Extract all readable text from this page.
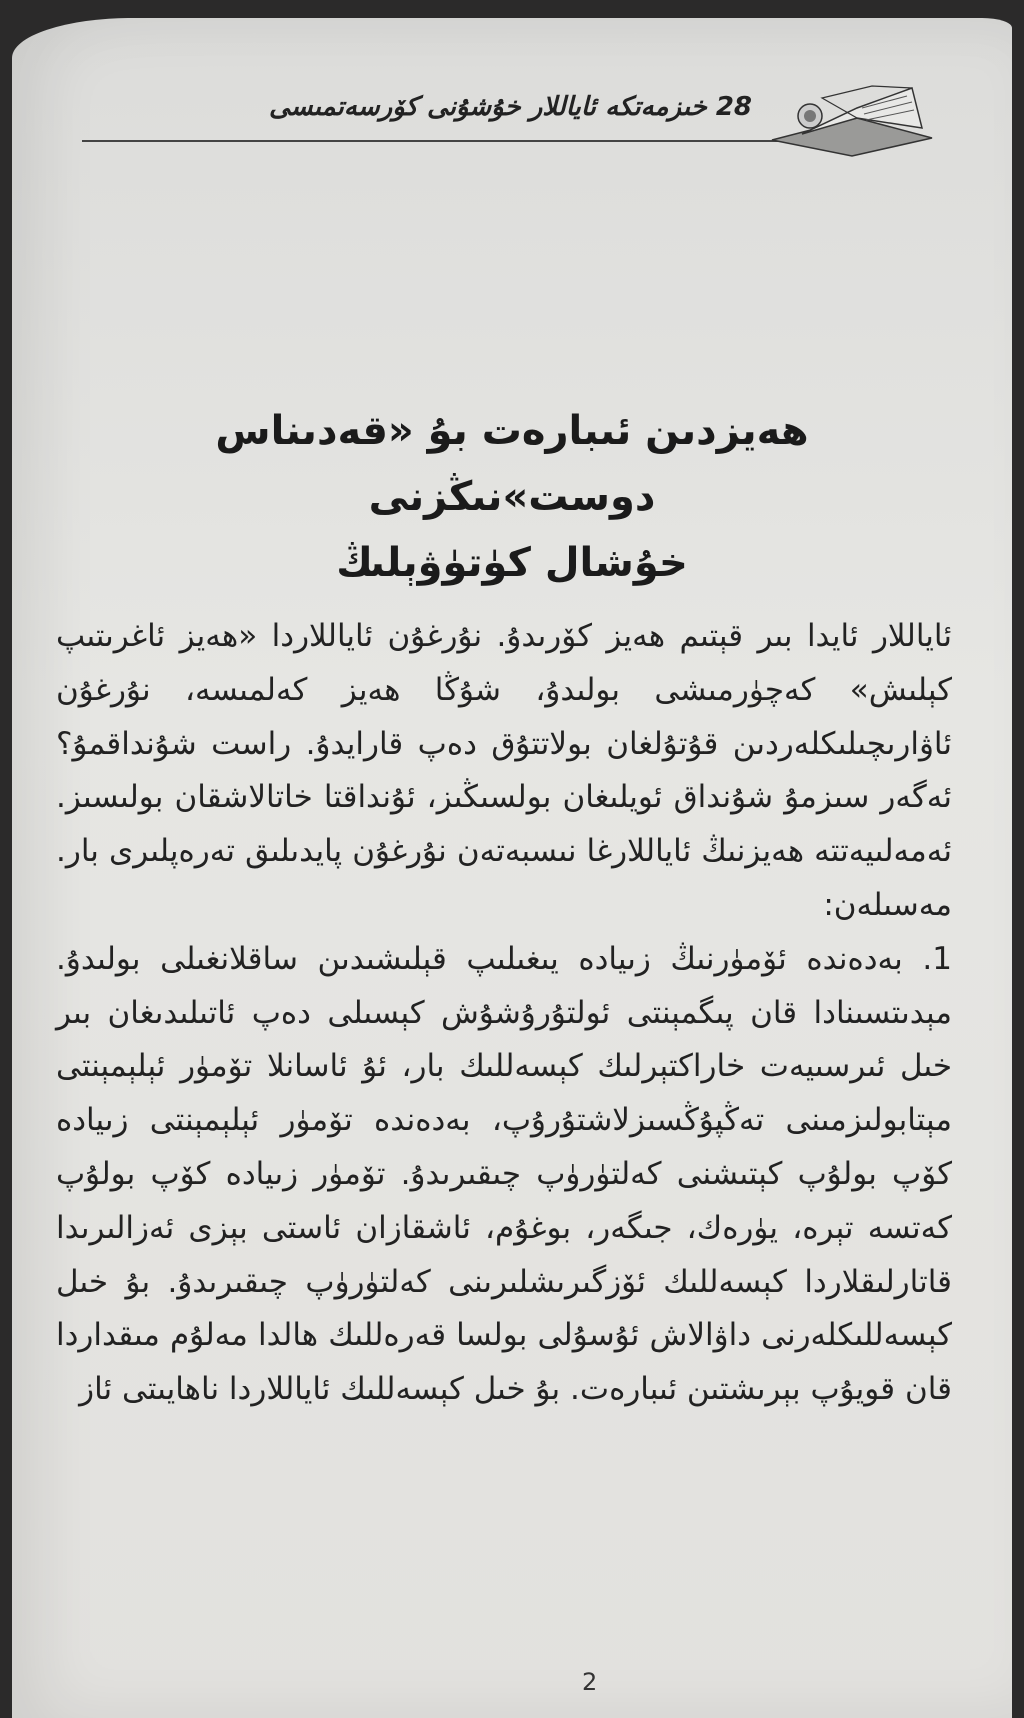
28 خىزمەتكە ئاياللار خۇشۇنى كۆرسەتمىسى
ھەيزدىن ئىبارەت بۇ «قەدىناس دوست»نىڭزنى
خۇشال كۈتۈۋېلىڭ

ئاياللار ئايدا بىر قېتىم ھەيز كۆرىدۇ. نۇرغۇن ئاياللاردا «ھەيز ئاغرىتىپ كېلىش» كەچۈرمىشى بولىدۇ، شۇڭا ھەيز كەلمىسە، نۇرغۇن ئاۋارىچىلىكلەردىن قۇتۇلغان بولاتتۇق دەپ قارايدۇ. راست شۇنداقمۇ؟ ئەگەر سىزمۇ شۇنداق ئويلىغان بولسىڭىز، ئۇنداقتا خاتالاشقان بولىسىز. ئەمەلىيەتتە ھەيزنىڭ ئاياللارغا نىسبەتەن نۇرغۇن پايدىلىق تەرەپلىرى بار. مەسىلەن:

1. بەدەندە ئۆمۈرنىڭ زىيادە يىغىلىپ قېلىشىدىن ساقلانغىلى بولىدۇ. مېدىتسىنادا قان پىگمېنتى ئولتۇرۇشۇش كېسىلى دەپ ئاتىلىدىغان بىر خىل ئىرسىيەت خاراكتېرلىك كېسەللىك بار، ئۇ ئاسانلا تۆمۈر ئېلېمېنتى مېتابولىزمىنى تەڭپۇڭسىزلاشتۇرۇپ، بەدەندە تۆمۈر ئېلېمېنتى زىيادە كۆپ بولۇپ كېتىشنى كەلتۈرۈپ چىقىرىدۇ. تۆمۈر زىيادە كۆپ بولۇپ كەتسە تېرە، يۈرەك، جىگەر، بوغۇم، ئاشقازان ئاستى بېزى ئەزالىرىدا قاتارلىقلاردا كېسەللىك ئۆزگىرىشلىرىنى كەلتۈرۈپ چىقىرىدۇ. بۇ خىل كېسەللىكلەرنى داۋالاش ئۇسۇلى بولسا قەرەللىك ھالدا مەلۇم مىقداردا قان قويۇپ بېرىشتىن ئىبارەت. بۇ خىل كېسەللىك ئاياللاردا ناھايىتى ئاز

2
